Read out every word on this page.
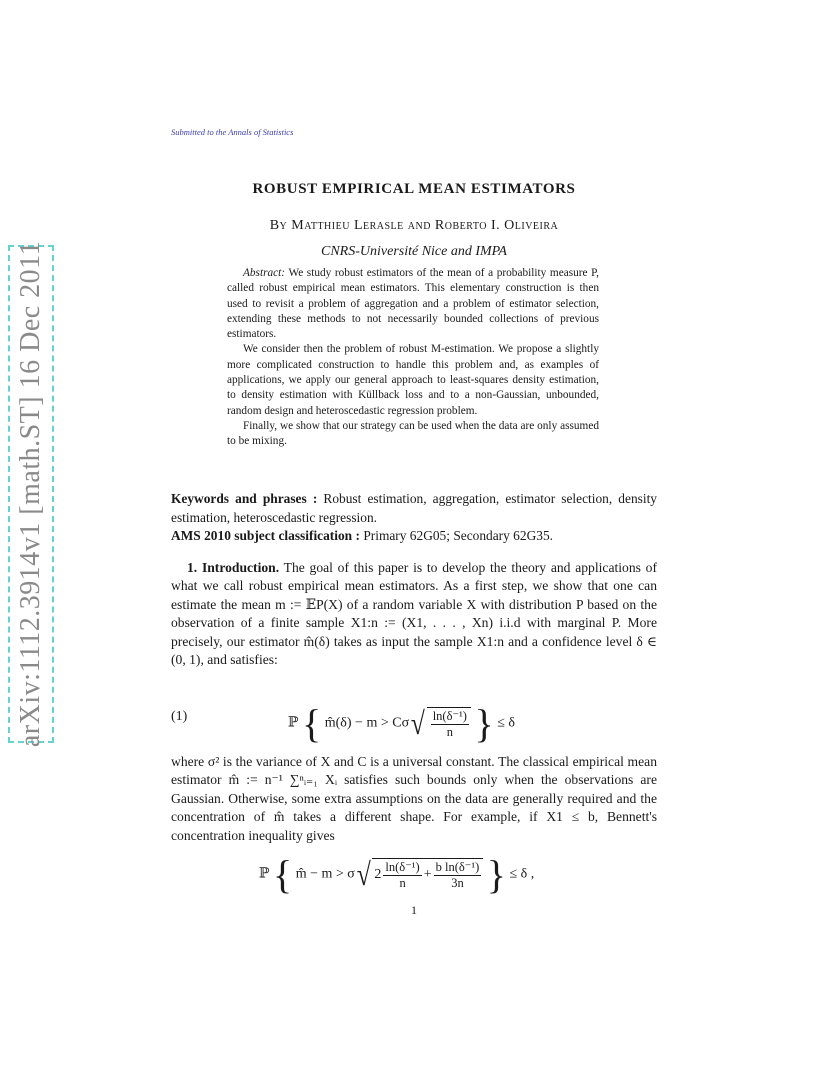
Submitted to the Annals of Statistics
arXiv:1112.3914v1 [math.ST] 16 Dec 2011
ROBUST EMPIRICAL MEAN ESTIMATORS
By Matthieu Lerasle and Roberto I. Oliveira
CNRS-Université Nice and IMPA

Abstract: We study robust estimators of the mean of a probability measure P, called robust empirical mean estimators. This elementary construction is then used to revisit a problem of aggregation and a problem of estimator selection, extending these methods to not necessarily bounded collections of previous estimators.

We consider then the problem of robust M-estimation. We propose a slightly more complicated construction to handle this problem and, as examples of applications, we apply our general approach to least-squares density estimation, to density estimation with Küllback loss and to a non-Gaussian, unbounded, random design and heteroscedastic regression problem.

Finally, we show that our strategy can be used when the data are only assumed to be mixing.

Keywords and phrases : Robust estimation, aggregation, estimator selection, density estimation, heteroscedastic regression.

AMS 2010 subject classification : Primary 62G05; Secondary 62G35.

1. Introduction. The goal of this paper is to develop the theory and applications of what we call robust empirical mean estimators. As a first step, we show that one can estimate the mean m := 𝔼P(X) of a random variable X with distribution P based on the observation of a finite sample X1:n := (X1, . . . , Xn) i.i.d with marginal P. More precisely, our estimator m̂(δ) takes as input the sample X1:n and a confidence level δ ∈ (0, 1), and satisfies:

(1)	ℙ { m̂(δ) − $m > C\sigma√ \frac{\text{ln(δ⁻¹)}}{n}$ } ≤ δ

where σ² is the variance of X and C is a universal constant. The classical empirical mean estimator m̂ := n⁻¹ ∑ⁿᵢ₌₁ Xᵢ satisfies such bounds only when the observations are Gaussian. Otherwise, some extra assumptions on the data are generally required and the concentration of m̂ takes a different shape. For example, if X1 ≤ b, Bennett's concentration inequality gives

ℙ { m̂ − m > σ√ $2 \frac{\text{ln(δ⁻¹)}}{n} + \frac{\text{b ln(δ⁻¹)}}{3n}$ } ≤ δ ,
1
